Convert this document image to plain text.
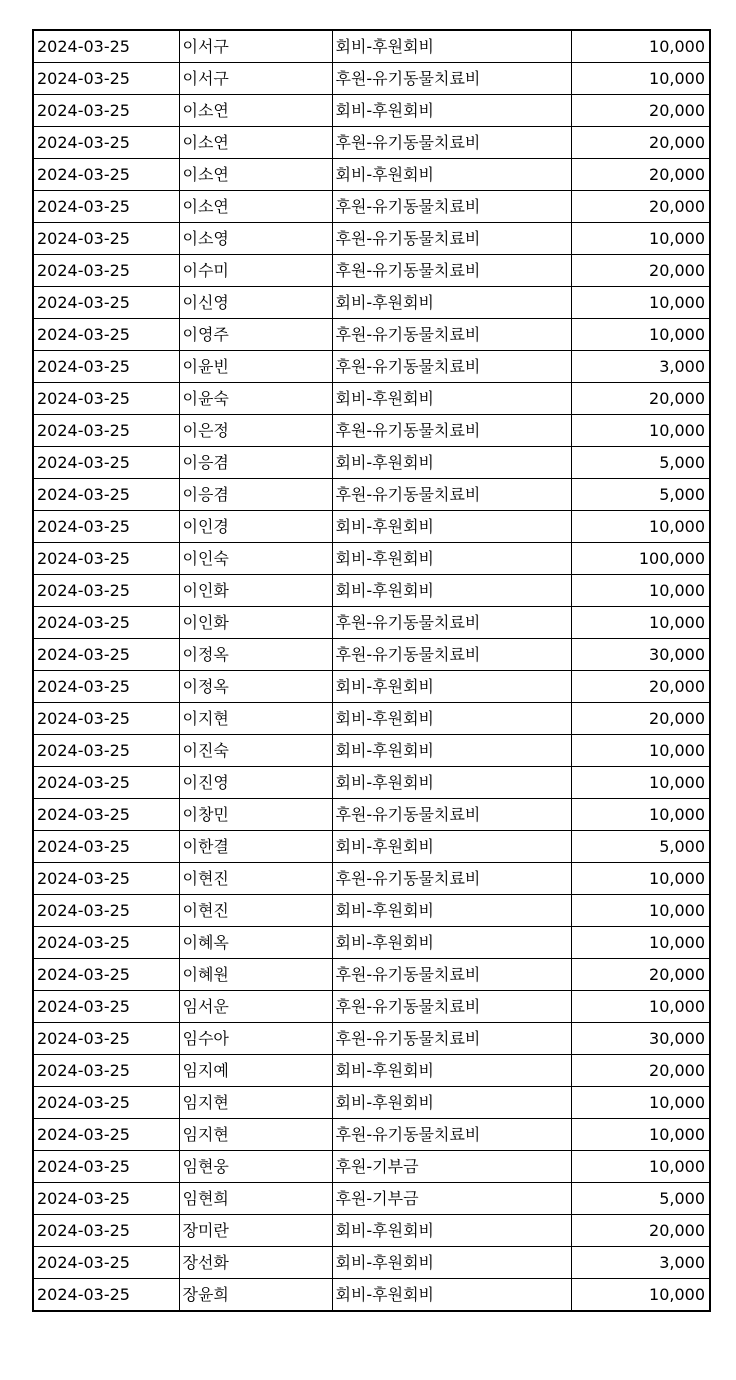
2024-03-25	이서구	회비-후원회비	10,000
2024-03-25	이서구	후원-유기동물치료비	10,000
2024-03-25	이소연	회비-후원회비	20,000
2024-03-25	이소연	후원-유기동물치료비	20,000
2024-03-25	이소연	회비-후원회비	20,000
2024-03-25	이소연	후원-유기동물치료비	20,000
2024-03-25	이소영	후원-유기동물치료비	10,000
2024-03-25	이수미	후원-유기동물치료비	20,000
2024-03-25	이신영	회비-후원회비	10,000
2024-03-25	이영주	후원-유기동물치료비	10,000
2024-03-25	이윤빈	후원-유기동물치료비	3,000
2024-03-25	이윤숙	회비-후원회비	20,000
2024-03-25	이은정	후원-유기동물치료비	10,000
2024-03-25	이응겸	회비-후원회비	5,000
2024-03-25	이응겸	후원-유기동물치료비	5,000
2024-03-25	이인경	회비-후원회비	10,000
2024-03-25	이인숙	회비-후원회비	100,000
2024-03-25	이인화	회비-후원회비	10,000
2024-03-25	이인화	후원-유기동물치료비	10,000
2024-03-25	이정옥	후원-유기동물치료비	30,000
2024-03-25	이정옥	회비-후원회비	20,000
2024-03-25	이지현	회비-후원회비	20,000
2024-03-25	이진숙	회비-후원회비	10,000
2024-03-25	이진영	회비-후원회비	10,000
2024-03-25	이창민	후원-유기동물치료비	10,000
2024-03-25	이한결	회비-후원회비	5,000
2024-03-25	이현진	후원-유기동물치료비	10,000
2024-03-25	이현진	회비-후원회비	10,000
2024-03-25	이혜옥	회비-후원회비	10,000
2024-03-25	이혜원	후원-유기동물치료비	20,000
2024-03-25	임서운	후원-유기동물치료비	10,000
2024-03-25	임수아	후원-유기동물치료비	30,000
2024-03-25	임지예	회비-후원회비	20,000
2024-03-25	임지현	회비-후원회비	10,000
2024-03-25	임지현	후원-유기동물치료비	10,000
2024-03-25	임현웅	후원-기부금	10,000
2024-03-25	임현희	후원-기부금	5,000
2024-03-25	장미란	회비-후원회비	20,000
2024-03-25	장선화	회비-후원회비	3,000
2024-03-25	장윤희	회비-후원회비	10,000
